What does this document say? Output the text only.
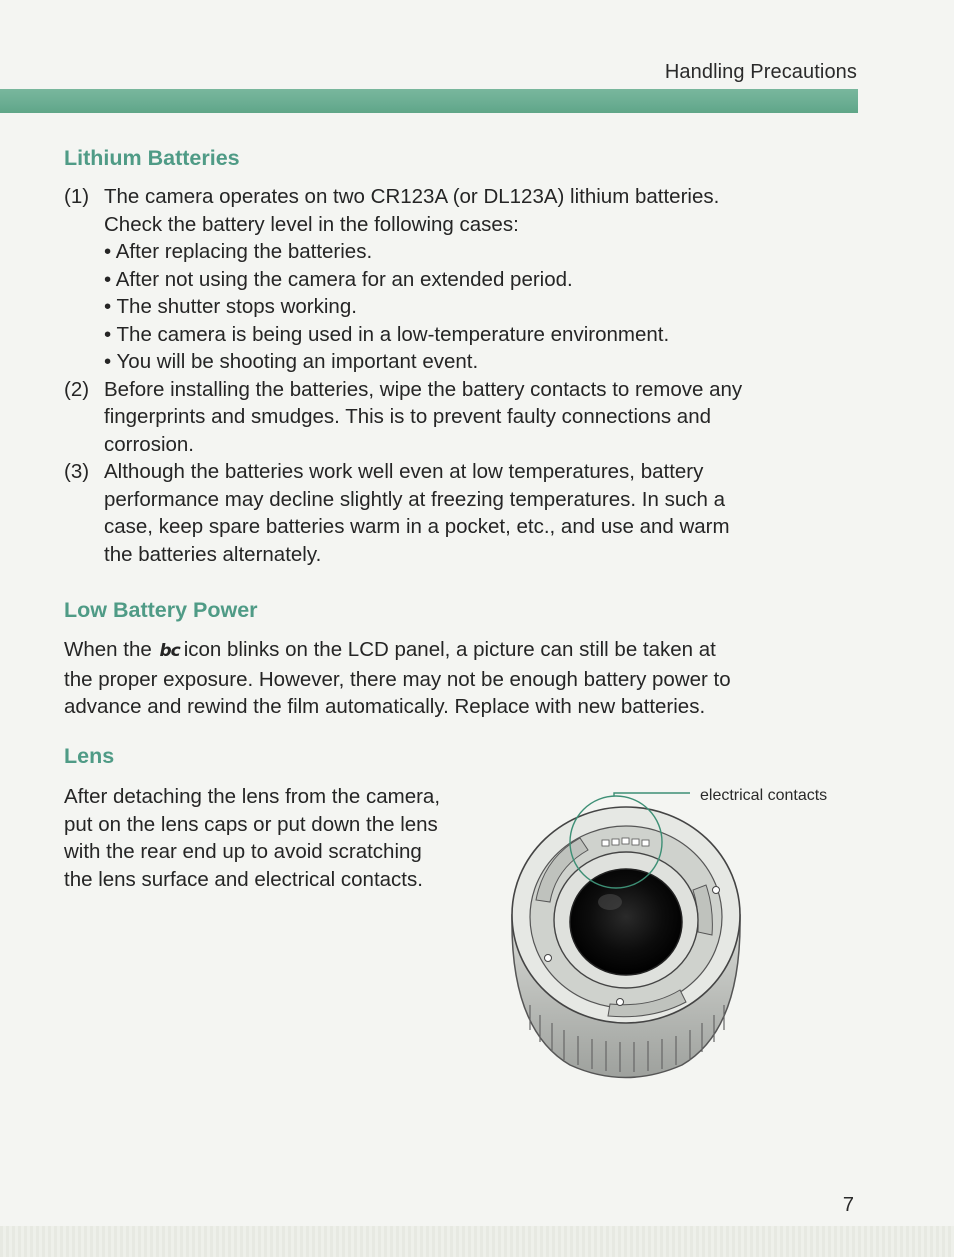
Handling Precautions
Lithium Batteries
(1) The camera operates on two CR123A (or DL123A) lithium batteries.
Check the battery level in the following cases:
• After replacing the batteries.
• After not using the camera for an extended period.
• The shutter stops working.
• The camera is being used in a low-temperature environment.
• You will be shooting an important event.
(2) Before installing the batteries, wipe the battery contacts to remove any
fingerprints and smudges. This is to prevent faulty connections and
corrosion.
(3) Although the batteries work well even at low temperatures, battery
performance may decline slightly at freezing temperatures. In such a
case, keep spare batteries warm in a pocket, etc., and use and warm
the batteries alternately.
Low Battery Power
When the bc icon blinks on the LCD panel, a picture can still be taken at
the proper exposure. However, there may not be enough battery power to
advance and rewind the film automatically. Replace with new batteries.
Lens
After detaching the lens from the camera,
put on the lens caps or put down the lens
with the rear end up to avoid scratching
the lens surface and electrical contacts.
electrical contacts
7
